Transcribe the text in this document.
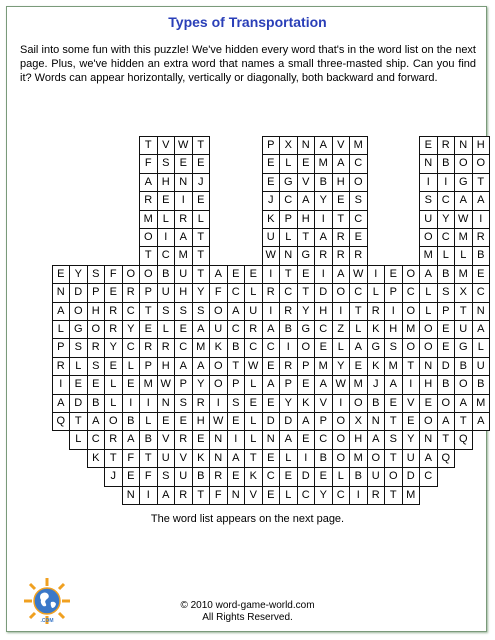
Types of Transportation

Sail into some fun with this puzzle! We've hidden every word that's in the word list on the next page. Plus, we've hidden an extra word that names a small three-masted ship. Can you find it? Words can appear horizontally, vertically or diagonally, both backward and forward.

T V W T	P X N A V M	E R N H
F S E E	E L E M A C	N B O O
A H N J	E G V B H O	I	I	G T
R E	I	E	J C A Y E S	S C A A
M L R L	K P H	I	T C	U Y W I
O	I	A T	U L	T A R E	O C M R
T C M T	W N G R R R	M L	L B
E Y S F O O B U T A E E	I	T E	I	A W I	E O A B M E
N D P E R P U H Y F C L R C T D O C L P C L S X C
A O H R C T S S S O A U	I	R Y H	I	T R	I	O L P T N
L G O R Y E L E A U C R A B G C Z	L K H M O E U A
P S R Y C R R C M K B C C	I	O E L A G S O O E G L
R L S E L P H A A O T W E R P M Y E K M T N D B U
I	E E L E M W P Y O P L A P E A W M J	A	I	H B O B
A D B L	I	I	N S R	I	S E E Y K V	I	O B E V E O A M
Q T A O B L E E H W E L D D A P O X N T E O A T A
L C R A B V R E N	I	L N A E C O H A S Y N T Q
K T F T U V K N A T E L	I	B O M O T U A Q
J	E F S U B R E K C E D E L B U O D C
N	I	A R T F N V E L C Y C	I	R T M
The word list appears on the next page.
.COM
© 2010 word-game-world.com
All Rights Reserved.
